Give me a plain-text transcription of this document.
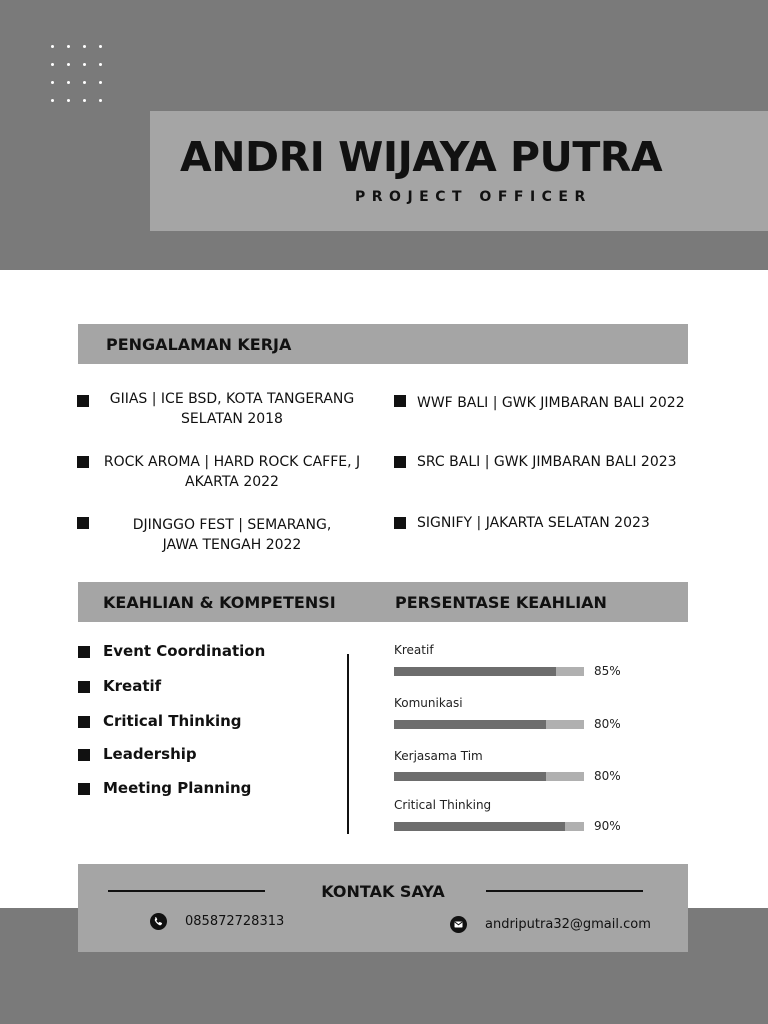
ANDRI WIJAYA PUTRA
PROJECT OFFICER
PENGALAMAN KERJA
GIIAS | ICE BSD, KOTA TANGERANG
SELATAN 2018
ROCK AROMA | HARD ROCK CAFFE, J
AKARTA 2022
DJINGGO FEST | SEMARANG,
JAWA TENGAH 2022
WWF BALI | GWK JIMBARAN BALI 2022
SRC BALI | GWK JIMBARAN BALI 2023
SIGNIFY | JAKARTA SELATAN 2023
KEAHLIAN & KOMPETENSI	PERSENTASE KEAHLIAN
Event Coordination
Kreatif
Critical Thinking
Leadership
Meeting Planning
Kreatif
85%
Komunikasi
80%
Kerjasama Tim
80%
Critical Thinking
90%
KONTAK SAYA
085872728313	andriputra32@gmail.com
